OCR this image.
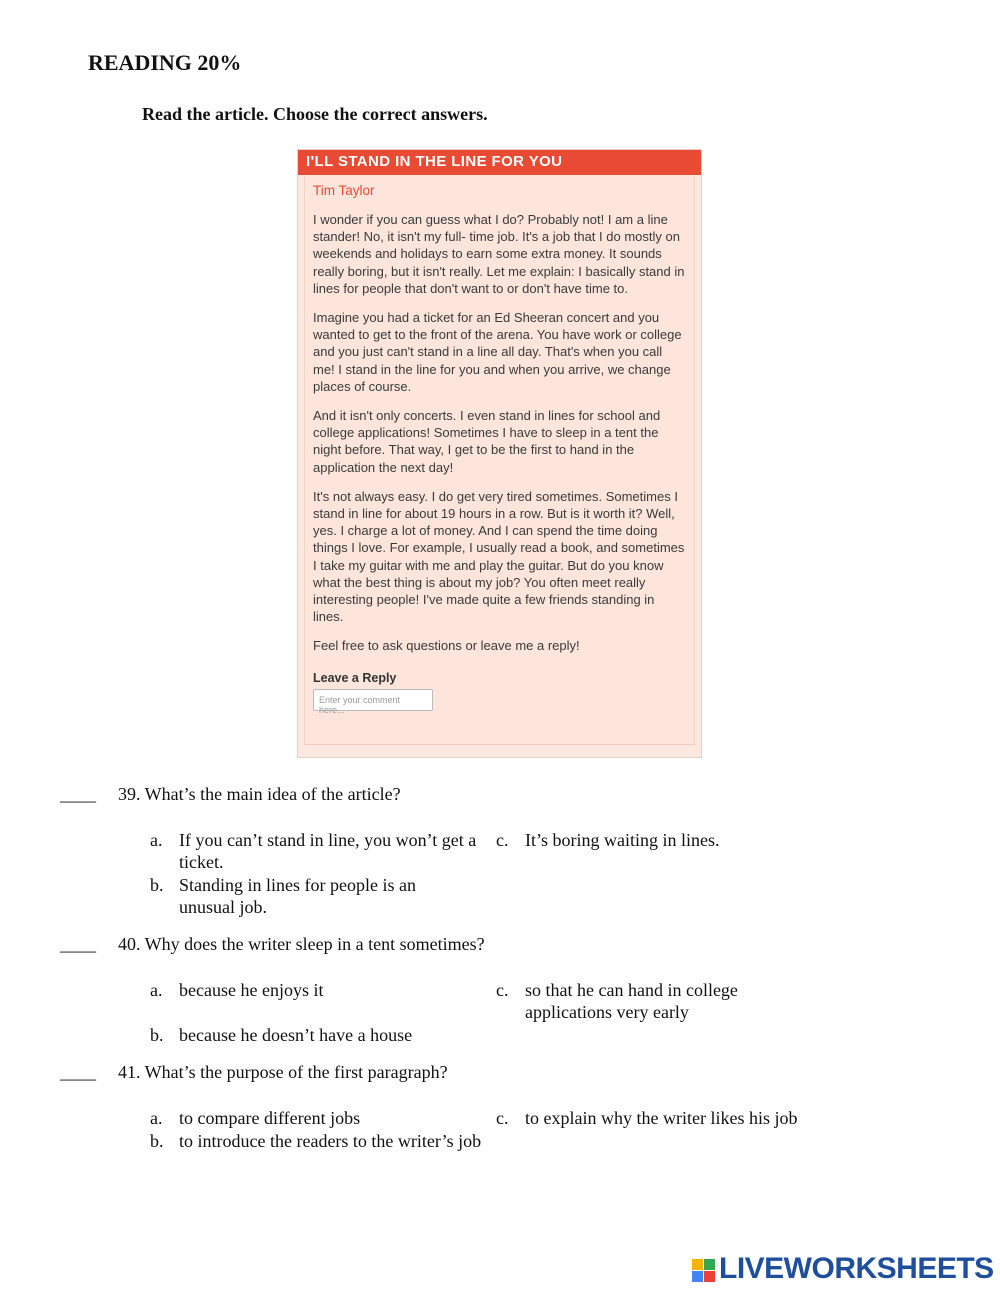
READING 20%
Read the article. Choose the correct answers.
I'LL STAND IN THE LINE FOR YOU
Tim Taylor

I wonder if you can guess what I do? Probably not! I am a line stander! No, it isn't my full- time job. It's a job that I do mostly on weekends and holidays to earn some extra money. It sounds really boring, but it isn't really. Let me explain: I basically stand in lines for people that don't want to or don't have time to.

Imagine you had a ticket for an Ed Sheeran concert and you wanted to get to the front of the arena. You have work or college and you just can't stand in a line all day. That's when you call me! I stand in the line for you and when you arrive, we change places of course.

And it isn't only concerts. I even stand in lines for school and college applications! Sometimes I have to sleep in a tent the night before. That way, I get to be the first to hand in the application the next day!

It's not always easy. I do get very tired sometimes. Sometimes I stand in line for about 19 hours in a row. But is it worth it? Well, yes. I charge a lot of money. And I can spend the time doing things I love. For example, I usually read a book, and sometimes I take my guitar with me and play the guitar. But do you know what the best thing is about my job? You often meet really interesting people! I've made quite a few friends standing in lines.

Feel free to ask questions or leave me a reply!

Leave a Reply
Enter your comment here...
____ 39. What’s the main idea of the article?
a. If you can’t stand in line, you won’t get a ticket.
b. Standing in lines for people is an unusual job.
c. It’s boring waiting in lines.
____ 40. Why does the writer sleep in a tent sometimes?
a. because he enjoys it
b. because he doesn’t have a house
c. so that he can hand in college applications very early
____ 41. What’s the purpose of the first paragraph?
a. to compare different jobs
b. to introduce the readers to the writer’s job
c. to explain why the writer likes his job
LIVEWORKSHEETS
